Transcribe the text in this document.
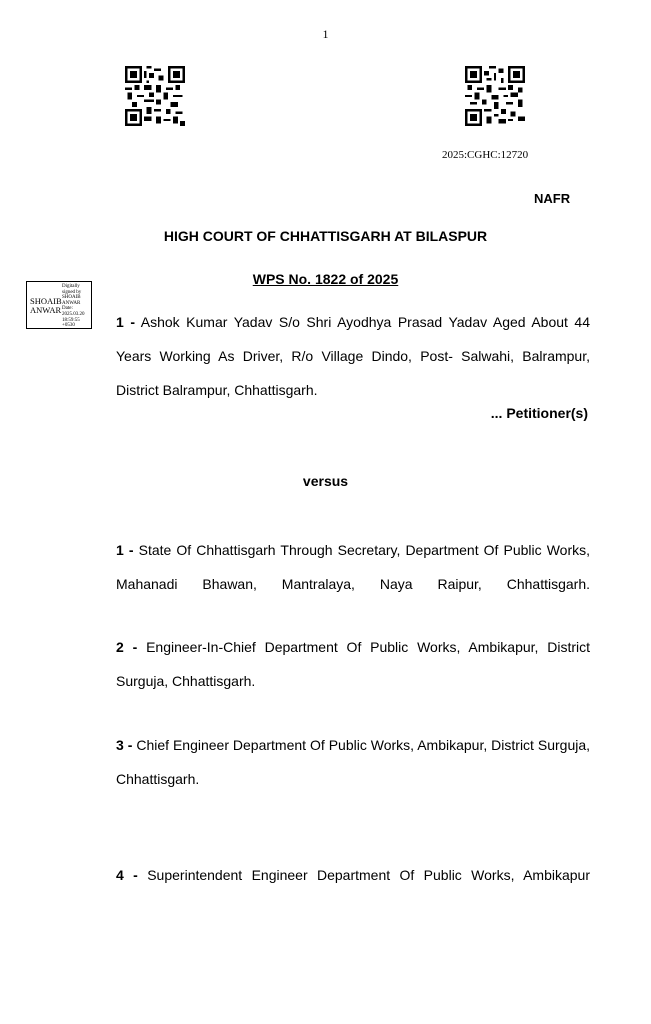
1
2025:CGHC:12720
NAFR
HIGH COURT OF CHHATTISGARH AT BILASPUR
WPS No. 1822 of 2025
SHOAIB
ANWAR
Digitally
signed by
SHOAIB
ANWAR
Date:
2025.03.20
18:59:55
+0530	1 - Ashok Kumar Yadav S/o Shri Ayodhya Prasad Yadav Aged About 44 Years Working As Driver, R/o Village Dindo, Post- Salwahi, Balrampur, District Balrampur, Chhattisgarh.
... Petitioner(s)
versus
1 - State Of Chhattisgarh Through Secretary, Department Of Public Works, Mahanadi Bhawan, Mantralaya, Naya Raipur, Chhattisgarh.
2 - Engineer-In-Chief Department Of Public Works, Ambikapur, District Surguja, Chhattisgarh.
3 - Chief Engineer Department Of Public Works, Ambikapur, District Surguja, Chhattisgarh.
4 - Superintendent Engineer Department Of Public Works, Ambikapur
